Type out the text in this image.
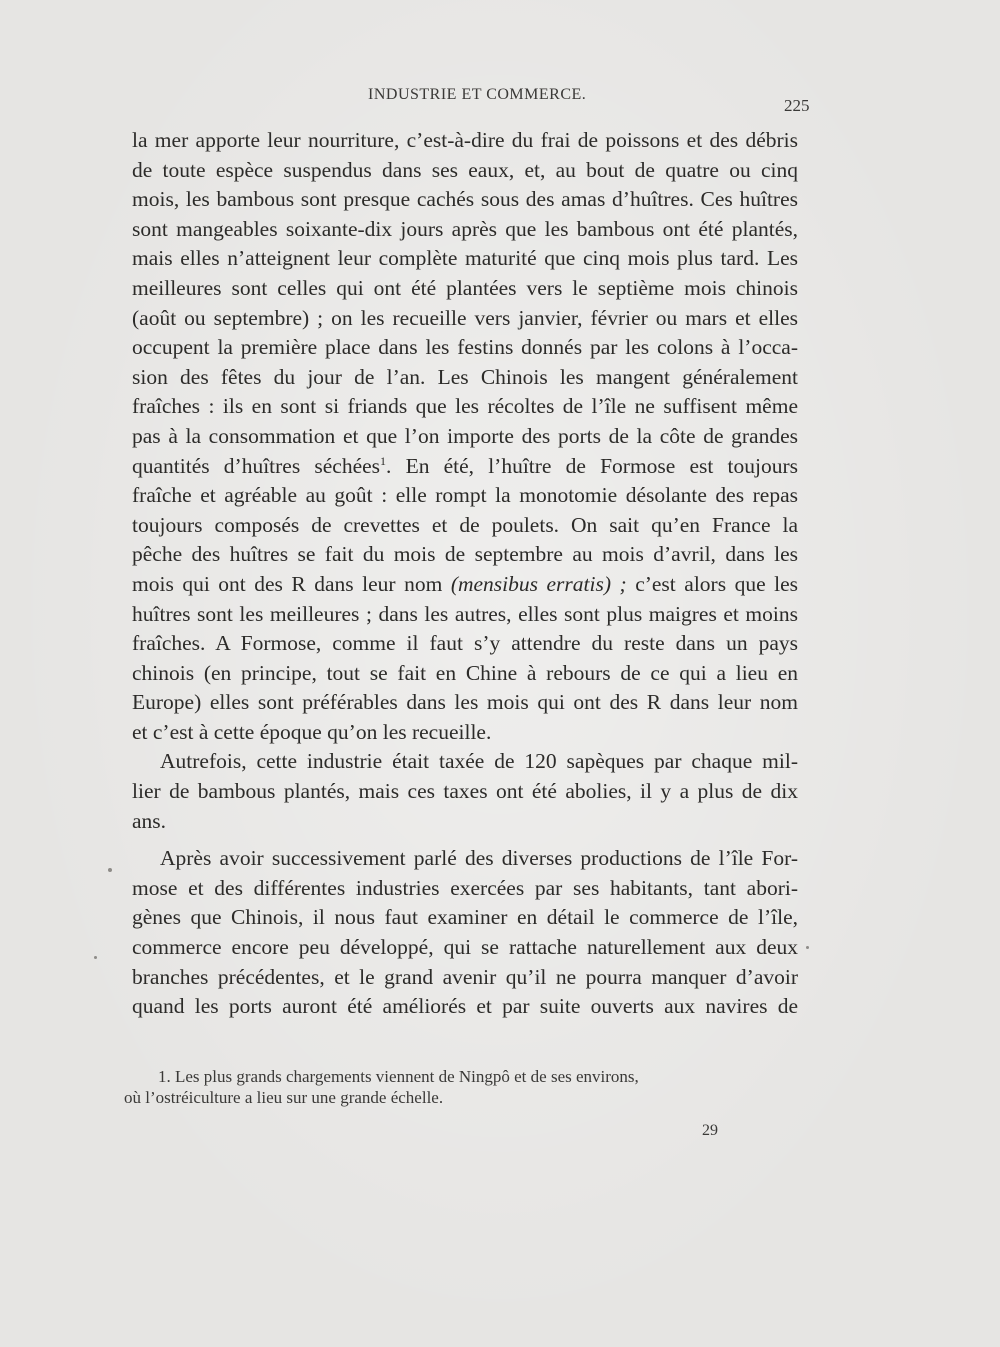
INDUSTRIE ET COMMERCE.
225
la mer apporte leur nourriture, c’est-à-dire du frai de poissons et des débris
de toute espèce suspendus dans ses eaux, et, au bout de quatre ou cinq
mois, les bambous sont presque cachés sous des amas d’huîtres. Ces huîtres
sont mangeables soixante-dix jours après que les bambous ont été plantés,
mais elles n’atteignent leur complète maturité que cinq mois plus tard. Les
meilleures sont celles qui ont été plantées vers le septième mois chinois
(août ou septembre) ; on les recueille vers janvier, février ou mars et elles
occupent la première place dans les festins donnés par les colons à l’occa-
sion des fêtes du jour de l’an. Les Chinois les mangent généralement
fraîches : ils en sont si friands que les récoltes de l’île ne suffisent même
pas à la consommation et que l’on importe des ports de la côte de grandes
quantités d’huîtres séchées$^1$. En été, l’huître de Formose est toujours
fraîche et agréable au goût : elle rompt la monotomie désolante des repas
toujours composés de crevettes et de poulets. On sait qu’en France la
pêche des huîtres se fait du mois de septembre au mois d’avril, dans les
mois qui ont des R dans leur nom (mensibus erratis) ; c’est alors que les
huîtres sont les meilleures ; dans les autres, elles sont plus maigres et moins
fraîches. A Formose, comme il faut s’y attendre du reste dans un pays
chinois (en principe, tout se fait en Chine à rebours de ce qui a lieu en
Europe) elles sont préférables dans les mois qui ont des R dans leur nom
et c’est à cette époque qu’on les recueille.
Autrefois, cette industrie était taxée de 120 sapèques par chaque mil-
lier de bambous plantés, mais ces taxes ont été abolies, il y a plus de dix
ans.
Après avoir successivement parlé des diverses productions de l’île For-
mose et des différentes industries exercées par ses habitants, tant abori-
gènes que Chinois, il nous faut examiner en détail le commerce de l’île,
commerce encore peu développé, qui se rattache naturellement aux deux
branches précédentes, et le grand avenir qu’il ne pourra manquer d’avoir
quand les ports auront été améliorés et par suite ouverts aux navires de
1. Les plus grands chargements viennent de Ningpô et de ses environs,
où l’ostréiculture a lieu sur une grande échelle.
29
